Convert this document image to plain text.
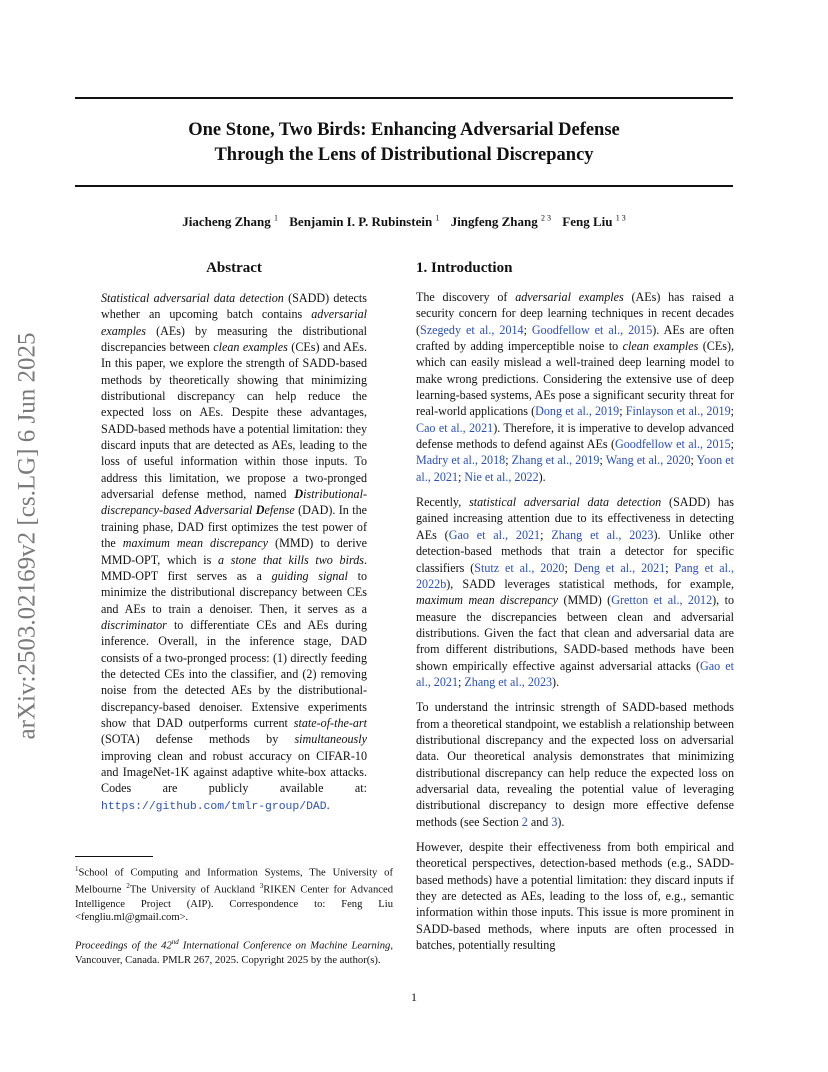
One Stone, Two Birds: Enhancing Adversarial Defense
Through the Lens of Distributional Discrepancy
Jiacheng Zhang $^1$ Benjamin I. P. Rubinstein $^1$ Jingfeng Zhang $^{2 3}$ Feng Liu $^{1 3}$
arXiv:2503.02169v2 [cs.LG] 6 Jun 2025
Abstract

Statistical adversarial data detection (SADD) detects whether an upcoming batch contains adversarial examples (AEs) by measuring the distributional discrepancies between clean examples (CEs) and AEs. In this paper, we explore the strength of SADD-based methods by theoretically showing that minimizing distributional discrepancy can help reduce the expected loss on AEs. Despite these advantages, SADD-based methods have a potential limitation: they discard inputs that are detected as AEs, leading to the loss of useful information within those inputs. To address this limitation, we propose a two-pronged adversarial defense method, named Distributional-discrepancy-based Adversarial Defense (DAD). In the training phase, DAD first optimizes the test power of the maximum mean discrepancy (MMD) to derive MMD-OPT, which is a stone that kills two birds. MMD-OPT first serves as a guiding signal to minimize the distributional discrepancy between CEs and AEs to train a denoiser. Then, it serves as a discriminator to differentiate CEs and AEs during inference. Overall, in the inference stage, DAD consists of a two-pronged process: (1) directly feeding the detected CEs into the classifier, and (2) removing noise from the detected AEs by the distributional-discrepancy-based denoiser. Extensive experiments show that DAD outperforms current state-of-the-art (SOTA) defense methods by simultaneously improving clean and robust accuracy on CIFAR-10 and ImageNet-1K against adaptive white-box attacks. Codes are publicly available at: https://github.com/tmlr-group/DAD.

1. Introduction

The discovery of adversarial examples (AEs) has raised a security concern for deep learning techniques in recent decades (Szegedy et al., 2014; Goodfellow et al., 2015). AEs are often crafted by adding imperceptible noise to clean examples (CEs), which can easily mislead a well-trained deep learning model to make wrong predictions. Considering the extensive use of deep learning-based systems, AEs pose a significant security threat for real-world applications (Dong et al., 2019; Finlayson et al., 2019; Cao et al., 2021). Therefore, it is imperative to develop advanced defense methods to defend against AEs (Goodfellow et al., 2015; Madry et al., 2018; Zhang et al., 2019; Wang et al., 2020; Yoon et al., 2021; Nie et al., 2022).

Recently, statistical adversarial data detection (SADD) has gained increasing attention due to its effectiveness in detecting AEs (Gao et al., 2021; Zhang et al., 2023). Unlike other detection-based methods that train a detector for specific classifiers (Stutz et al., 2020; Deng et al., 2021; Pang et al., 2022b), SADD leverages statistical methods, for example, maximum mean discrepancy (MMD) (Gretton et al., 2012), to measure the discrepancies between clean and adversarial distributions. Given the fact that clean and adversarial data are from different distributions, SADD-based methods have been shown empirically effective against adversarial attacks (Gao et al., 2021; Zhang et al., 2023).

To understand the intrinsic strength of SADD-based methods from a theoretical standpoint, we establish a relationship between distributional discrepancy and the expected loss on adversarial data. Our theoretical analysis demonstrates that minimizing distributional discrepancy can help reduce the expected loss on adversarial data, revealing the potential value of leveraging distributional discrepancy to design more effective defense methods (see Section 2 and 3).

However, despite their effectiveness from both empirical and theoretical perspectives, detection-based methods (e.g., SADD-based methods) have a potential limitation: they discard inputs if they are detected as AEs, leading to the loss of, e.g., semantic information within those inputs. This issue is more prominent in SADD-based methods, where inputs are often processed in batches, potentially resulting

$^1$School of Computing and Information Systems, The University of Melbourne $^2$The University of Auckland $^3$RIKEN Center for Advanced Intelligence Project (AIP). Correspondence to: Feng Liu <fengliu.ml@gmail.com>.

Proceedings of the 42nd International Conference on Machine Learning, Vancouver, Canada. PMLR 267, 2025. Copyright 2025 by the author(s).

1
